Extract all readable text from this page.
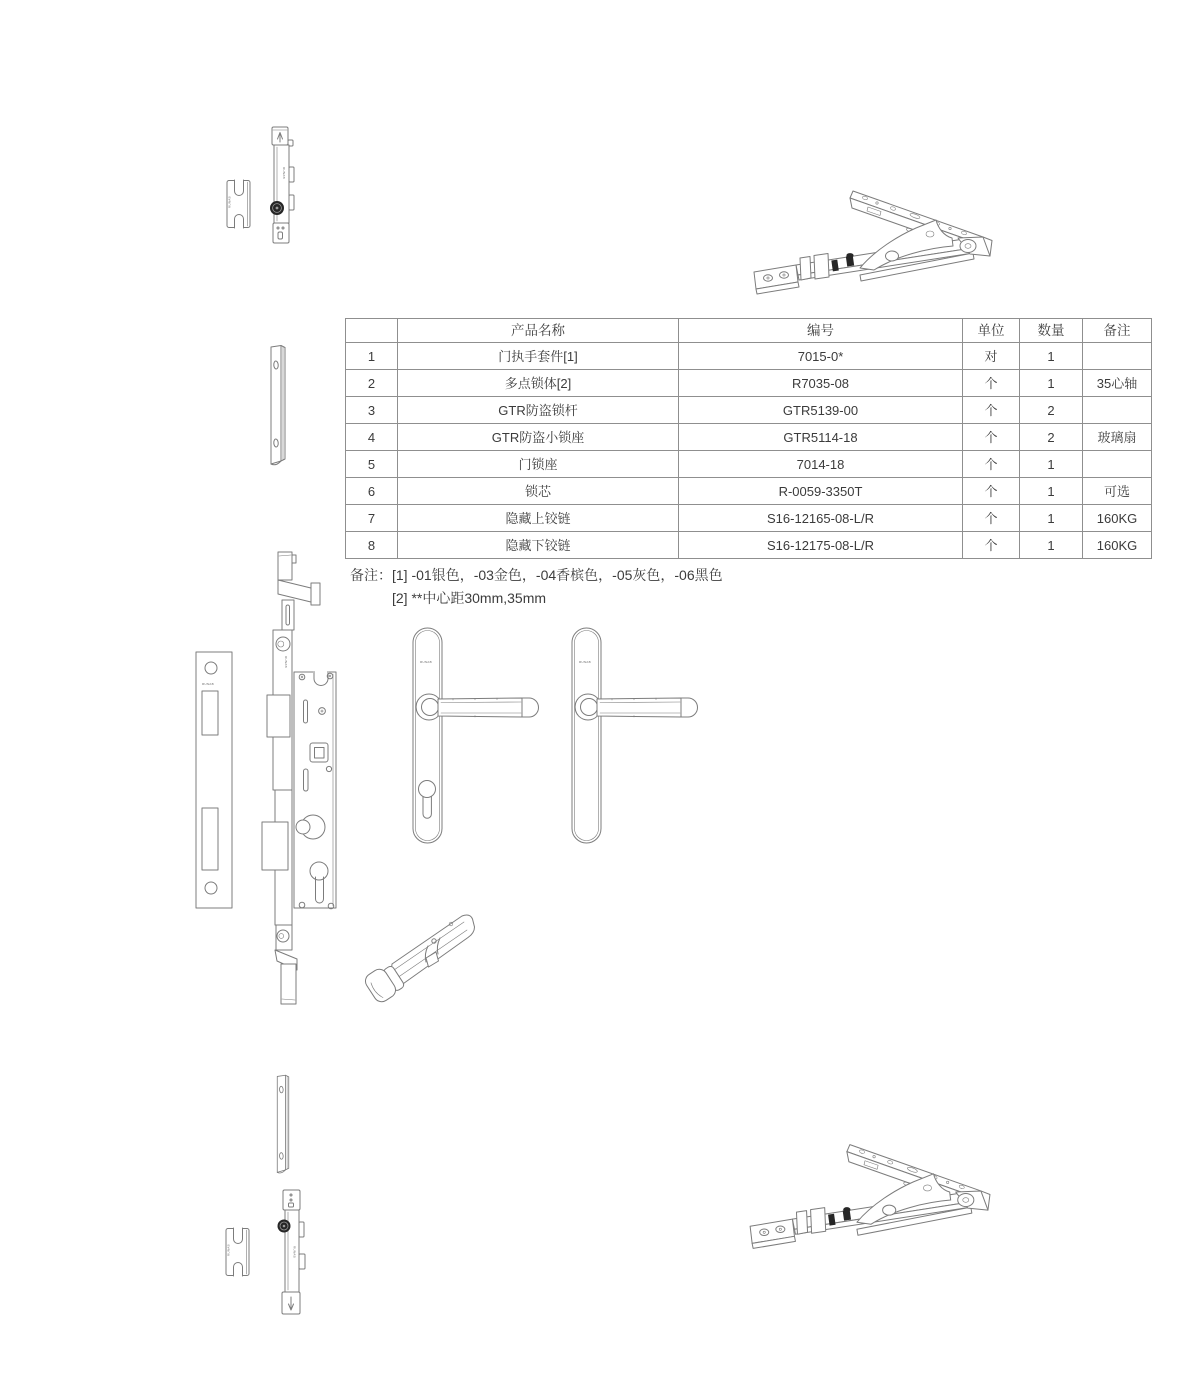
RUNAB
RUNAB
	产品名称	编号	单位	数量	备注
1	门执手套件[1]	7015-0*	对	1	
2	多点锁体[2]	R7035-08	个	1	35心轴
3	GTR防盗锁杆	GTR5139-00	个	2	
4	GTR防盗小锁座	GTR5114-18	个	2	玻璃扇
5	门锁座	7014-18	个	1	
6	锁芯	R-0059-3350T	个	1	可选
7	隐藏上铰链	S16-12165-08-L/R	个	1	160KG
8	隐藏下铰链	S16-12175-08-L/R	个	1	160KG
备注： [1] -01银色，-03金色，-04香槟色，-05灰色，-06黑色
[2] **中心距30mm,35mm
RUNAB
RUNAB	RUNAB	RUNAB
RUNAB
RUNAB
